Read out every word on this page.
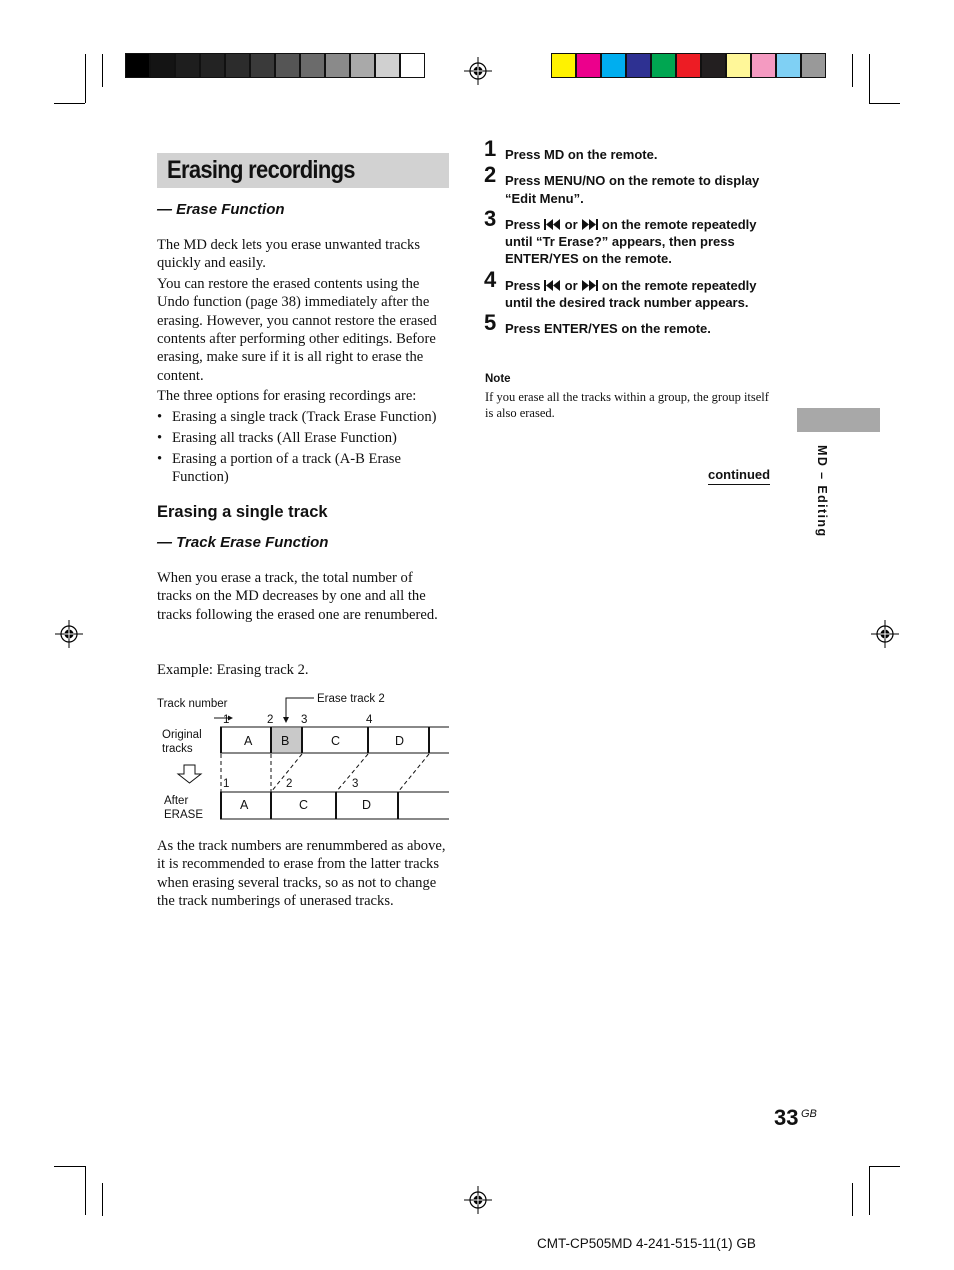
Erasing recordings
— Erase Function

The MD deck lets you erase unwanted tracks quickly and easily.

You can restore the erased contents using the Undo function (page 38) immediately after the erasing. However, you cannot restore the erased contents after performing other editings. Before erasing, make sure if it is all right to erase the content.

The three options for erasing recordings are:

• Erasing a single track (Track Erase Function)
• Erasing all tracks (All Erase Function)
• Erasing a portion of a track (A-B Erase Function)
Erasing a single track
— Track Erase Function

When you erase a track, the total number of tracks on the MD decreases by one and all the tracks following the erased one are renumbered.

Example: Erasing track 2.
Track number	Erase track 2
1	2 3	4
Original
tracks
A B	C	D
1	2	3
After
ERASE
A	C	D
As the track numbers are renummbered as above, it is recommended to erase from the latter tracks when erasing several tracks, so as not to change the track numberings of unerased tracks.
1 Press MD on the remote.
2 Press MENU/NO on the remote to display “Edit Menu”.
3 Press  or  on the remote repeatedly until “Tr Erase?” appears, then press ENTER/YES on the remote.
4 Press  or  on the remote repeatedly until the desired track number appears.
5 Press ENTER/YES on the remote.
Note
If you erase all the tracks within a group, the group itself is also erased.
continued	MD – Editing
33 GB
CMT-CP505MD 4-241-515-11(1) GB
